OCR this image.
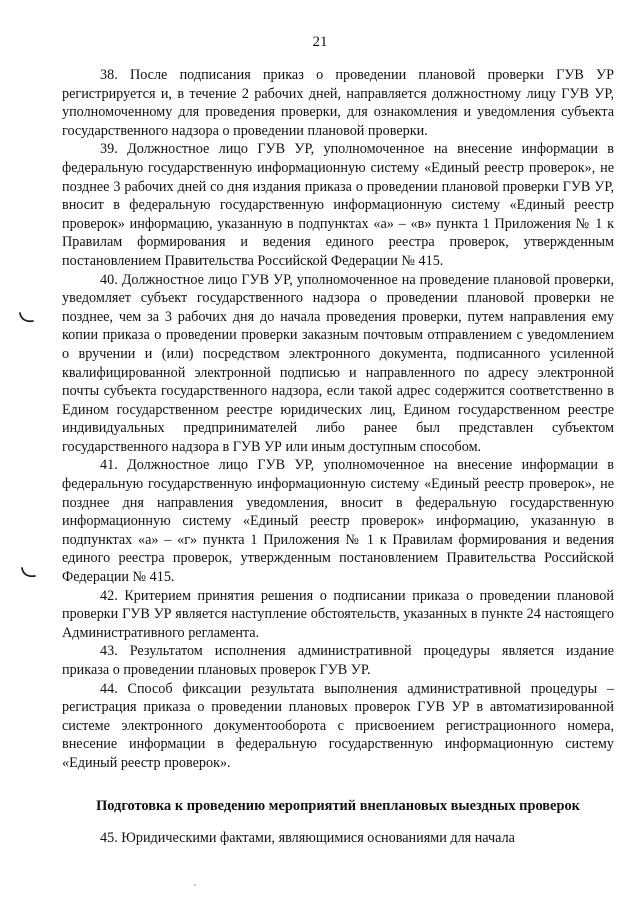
21

38. После подписания приказ о проведении плановой проверки ГУВ УР регистрируется и, в течение 2 рабочих дней, направляется должностному лицу ГУВ УР, уполномоченному для проведения проверки, для ознакомления и уведомления субъекта государственного надзора о проведении плановой проверки.

39. Должностное лицо ГУВ УР, уполномоченное на внесение информации в федеральную государственную информационную систему «Единый реестр проверок», не позднее 3 рабочих дней со дня издания приказа о проведении плановой проверки ГУВ УР, вносит в федеральную государственную информационную систему «Единый реестр проверок» информацию, указанную в подпунктах «а» – «в» пункта 1 Приложения № 1 к Правилам формирования и ведения единого реестра проверок, утвержденным постановлением Правительства Российской Федерации № 415.

40. Должностное лицо ГУВ УР, уполномоченное на проведение плановой проверки, уведомляет субъект государственного надзора о проведении плановой проверки не позднее, чем за 3 рабочих дня до начала проведения проверки, путем направления ему копии приказа о проведении проверки заказным почтовым отправлением с уведомлением о вручении и (или) посредством электронного документа, подписанного усиленной квалифицированной электронной подписью и направленного по адресу электронной почты субъекта государственного надзора, если такой адрес содержится соответственно в Едином государственном реестре юридических лиц, Едином государственном реестре индивидуальных предпринимателей либо ранее был представлен субъектом государственного надзора в ГУВ УР или иным доступным способом.

41. Должностное лицо ГУВ УР, уполномоченное на внесение информации в федеральную государственную информационную систему «Единый реестр проверок», не позднее дня направления уведомления, вносит в федеральную государственную информационную систему «Единый реестр проверок» информацию, указанную в подпунктах «а» – «г» пункта 1 Приложения № 1 к Правилам формирования и ведения единого реестра проверок, утвержденным постановлением Правительства Российской Федерации № 415.

42. Критерием принятия решения о подписании приказа о проведении плановой проверки ГУВ УР является наступление обстоятельств, указанных в пункте 24 настоящего Административного регламента.

43. Результатом исполнения административной процедуры является издание приказа о проведении плановых проверок ГУВ УР.

44. Способ фиксации результата выполнения административной процедуры – регистрация приказа о проведении плановых проверок ГУВ УР в автоматизированной системе электронного документооборота с присвоением регистрационного номера, внесение информации в федеральную государственную информационную систему «Единый реестр проверок».

Подготовка к проведению мероприятий внеплановых выездных проверок

45. Юридическими фактами, являющимися основаниями для начала
